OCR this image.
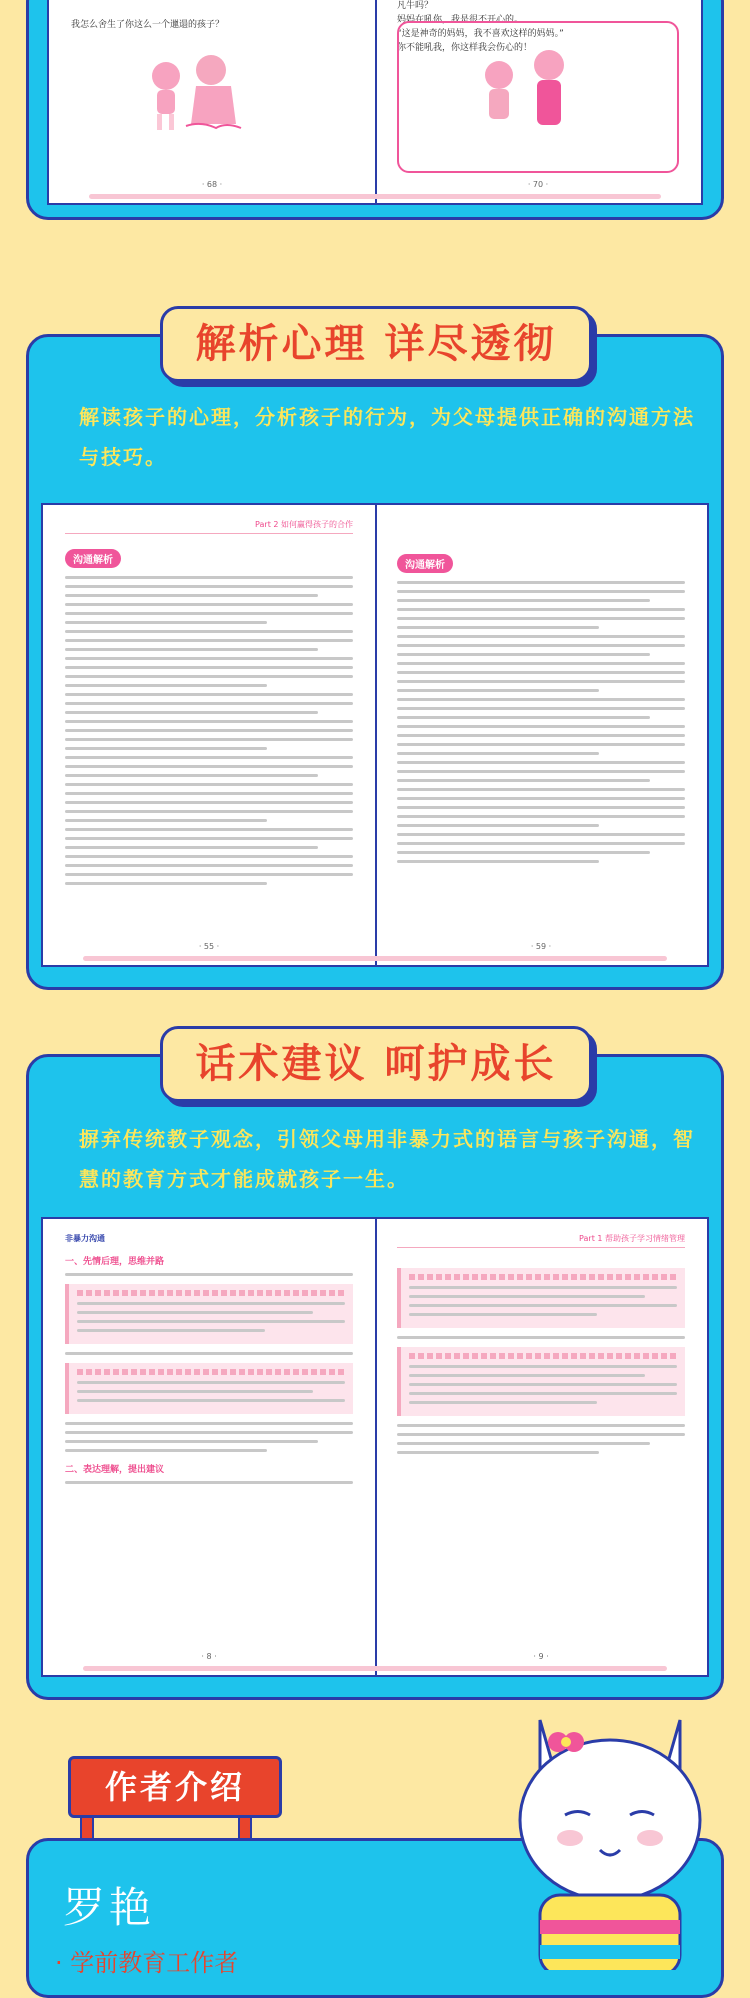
我怎么舍生了你这么一个邋遢的孩子？
凡牛吗？
妈妈在吼你，我是很不开心的。
“这是神奇的妈妈，我不喜欢这样的妈妈。”
你不能吼我，你这样我会伤心的！
· 68 ·	· 70 ·
解读孩子的心理，分析孩子的行为，为父母提供正确的沟通方法与技巧。
Part 2 如何赢得孩子的合作
沟通解析	沟通解析
· 55 ·	· 59 ·
解析心理 详尽透彻
摒弃传统教子观念，引领父母用非暴力式的语言与孩子沟通，智慧的教育方式才能成就孩子一生。
非暴力沟通
一、先情后理，思维并路
二、表达理解，提出建议
Part 1 帮助孩子学习情绪管理
· 8 ·	· 9 ·
话术建议 呵护成长
作者介绍
罗艳
· 学前教育工作者
